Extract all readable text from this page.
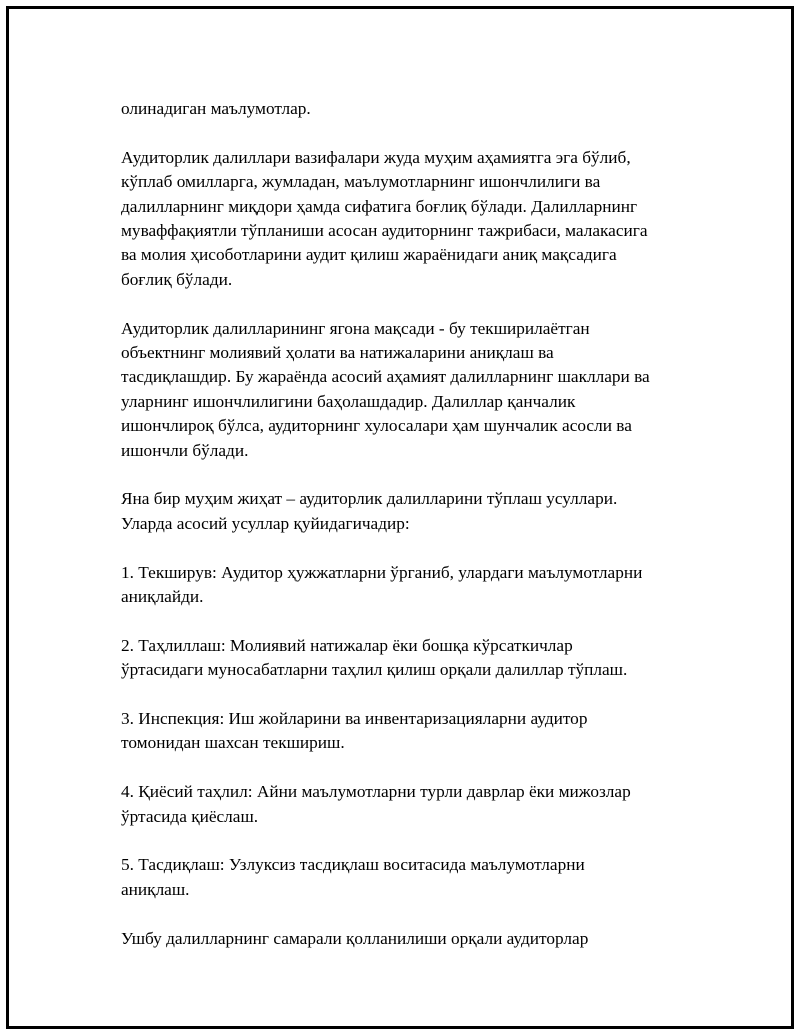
олинадиган маълумотлар.

Аудиторлик далиллари вазифалари жуда муҳим аҳамиятга эга бўлиб,
кўплаб омилларга, жумладан, маълумотларнинг ишончлилиги ва
далилларнинг миқдори ҳамда сифатига боғлиқ бўлади. Далилларнинг
муваффақиятли тўпланиши асосан аудиторнинг тажрибаси, малакасига
ва молия ҳисоботларини аудит қилиш жараёнидаги аниқ мақсадига
боғлиқ бўлади.

Аудиторлик далилларининг ягона мақсади - бу текширилаётган
объектнинг молиявий ҳолати ва натижаларини аниқлаш ва
тасдиқлашдир. Бу жараёнда асосий аҳамият далилларнинг шакллари ва
уларнинг ишончлилигини баҳолашдадир. Далиллар қанчалик
ишончлироқ бўлса, аудиторнинг хулосалари ҳам шунчалик асосли ва
ишончли бўлади.

Яна бир муҳим жиҳат – аудиторлик далилларини тўплаш усуллари.
Уларда асосий усуллар қуйидагичадир:

1. Текширув: Аудитор ҳужжатларни ўрганиб, улардаги маълумотларни
аниқлайди.

2. Таҳлиллаш: Молиявий натижалар ёки бошқа кўрсаткичлар
ўртасидаги муносабатларни таҳлил қилиш орқали далиллар тўплаш.

3. Инспекция: Иш жойларини ва инвентаризацияларни аудитор
томонидан шахсан текшириш.

4. Қиёсий таҳлил: Айни маълумотларни турли даврлар ёки мижозлар
ўртасида қиёслаш.

5. Тасдиқлаш: Узлуксиз тасдиқлаш воситасида маълумотларни
аниқлаш.

Ушбу далилларнинг самарали қолланилиши орқали аудиторлар
